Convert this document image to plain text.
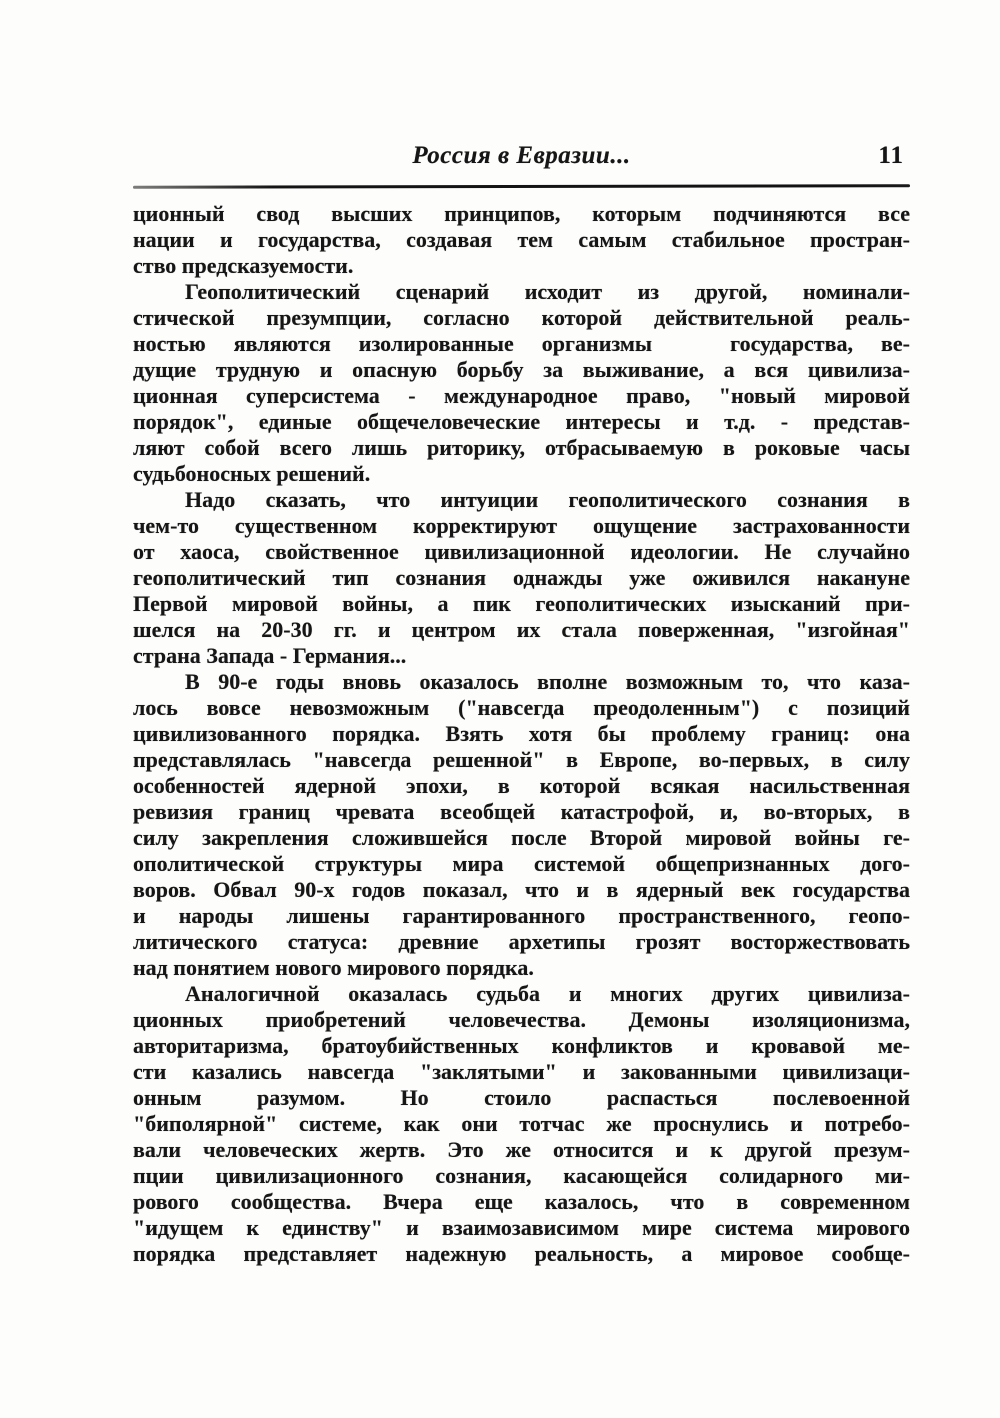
Россия в Евразии...	11
ционный свод высших принципов, которым подчиняются все
нации и государства, создавая тем самым стабильное простран-
ство предсказуемости.
Геополитический сценарий исходит из другой, номинали-
стической презумпции, согласно которой действительной реаль-
ностью являются изолированные организмы   государства, ве-
дущие трудную и опасную борьбу за выживание, а вся цивилиза-
ционная суперсистема - международное право, "новый мировой
порядок", единые общечеловеческие интересы и т.д. - представ-
ляют собой всего лишь риторику, отбрасываемую в роковые часы
судьбоносных решений.
Надо сказать, что интуиции геополитического сознания в
чем-то существенном корректируют ощущение застрахованности
от хаоса, свойственное цивилизационной идеологии. Не случайно
геополитический тип сознания однажды уже оживился накануне
Первой мировой войны, а пик геополитических изысканий при-
шелся на 20-30 гг. и центром их стала поверженная, "изгойная"
страна Запада - Германия...
В 90-е годы вновь оказалось вполне возможным то, что каза-
лось вовсе невозможным ("навсегда преодоленным") с позиций
цивилизованного порядка. Взять хотя бы проблему границ: она
представлялась "навсегда решенной" в Европе, во-первых, в силу
особенностей ядерной эпохи, в которой всякая насильственная
ревизия границ чревата всеобщей катастрофой, и, во-вторых, в
силу закрепления сложившейся после Второй мировой войны ге-
ополитической структуры мира системой общепризнанных дого-
воров. Обвал 90-х годов показал, что и в ядерный век государства
и народы лишены гарантированного пространственного, геопо-
литического статуса: древние архетипы грозят восторжествовать
над понятием нового мирового порядка.
Аналогичной оказалась судьба и многих других цивилиза-
ционных приобретений человечества. Демоны изоляционизма,
авторитаризма, братоубийственных конфликтов и кровавой ме-
сти казались навсегда "заклятыми" и закованными цивилизаци-
онным разумом. Но стоило распасться послевоенной
"биполярной" системе, как они тотчас же проснулись и потребо-
вали человеческих жертв. Это же относится и к другой презум-
пции цивилизационного сознания, касающейся солидарного ми-
рового сообщества. Вчера еще казалось, что в современном
"идущем к единству" и взаимозависимом мире система мирового
порядка представляет надежную реальность, а мировое сообще-
